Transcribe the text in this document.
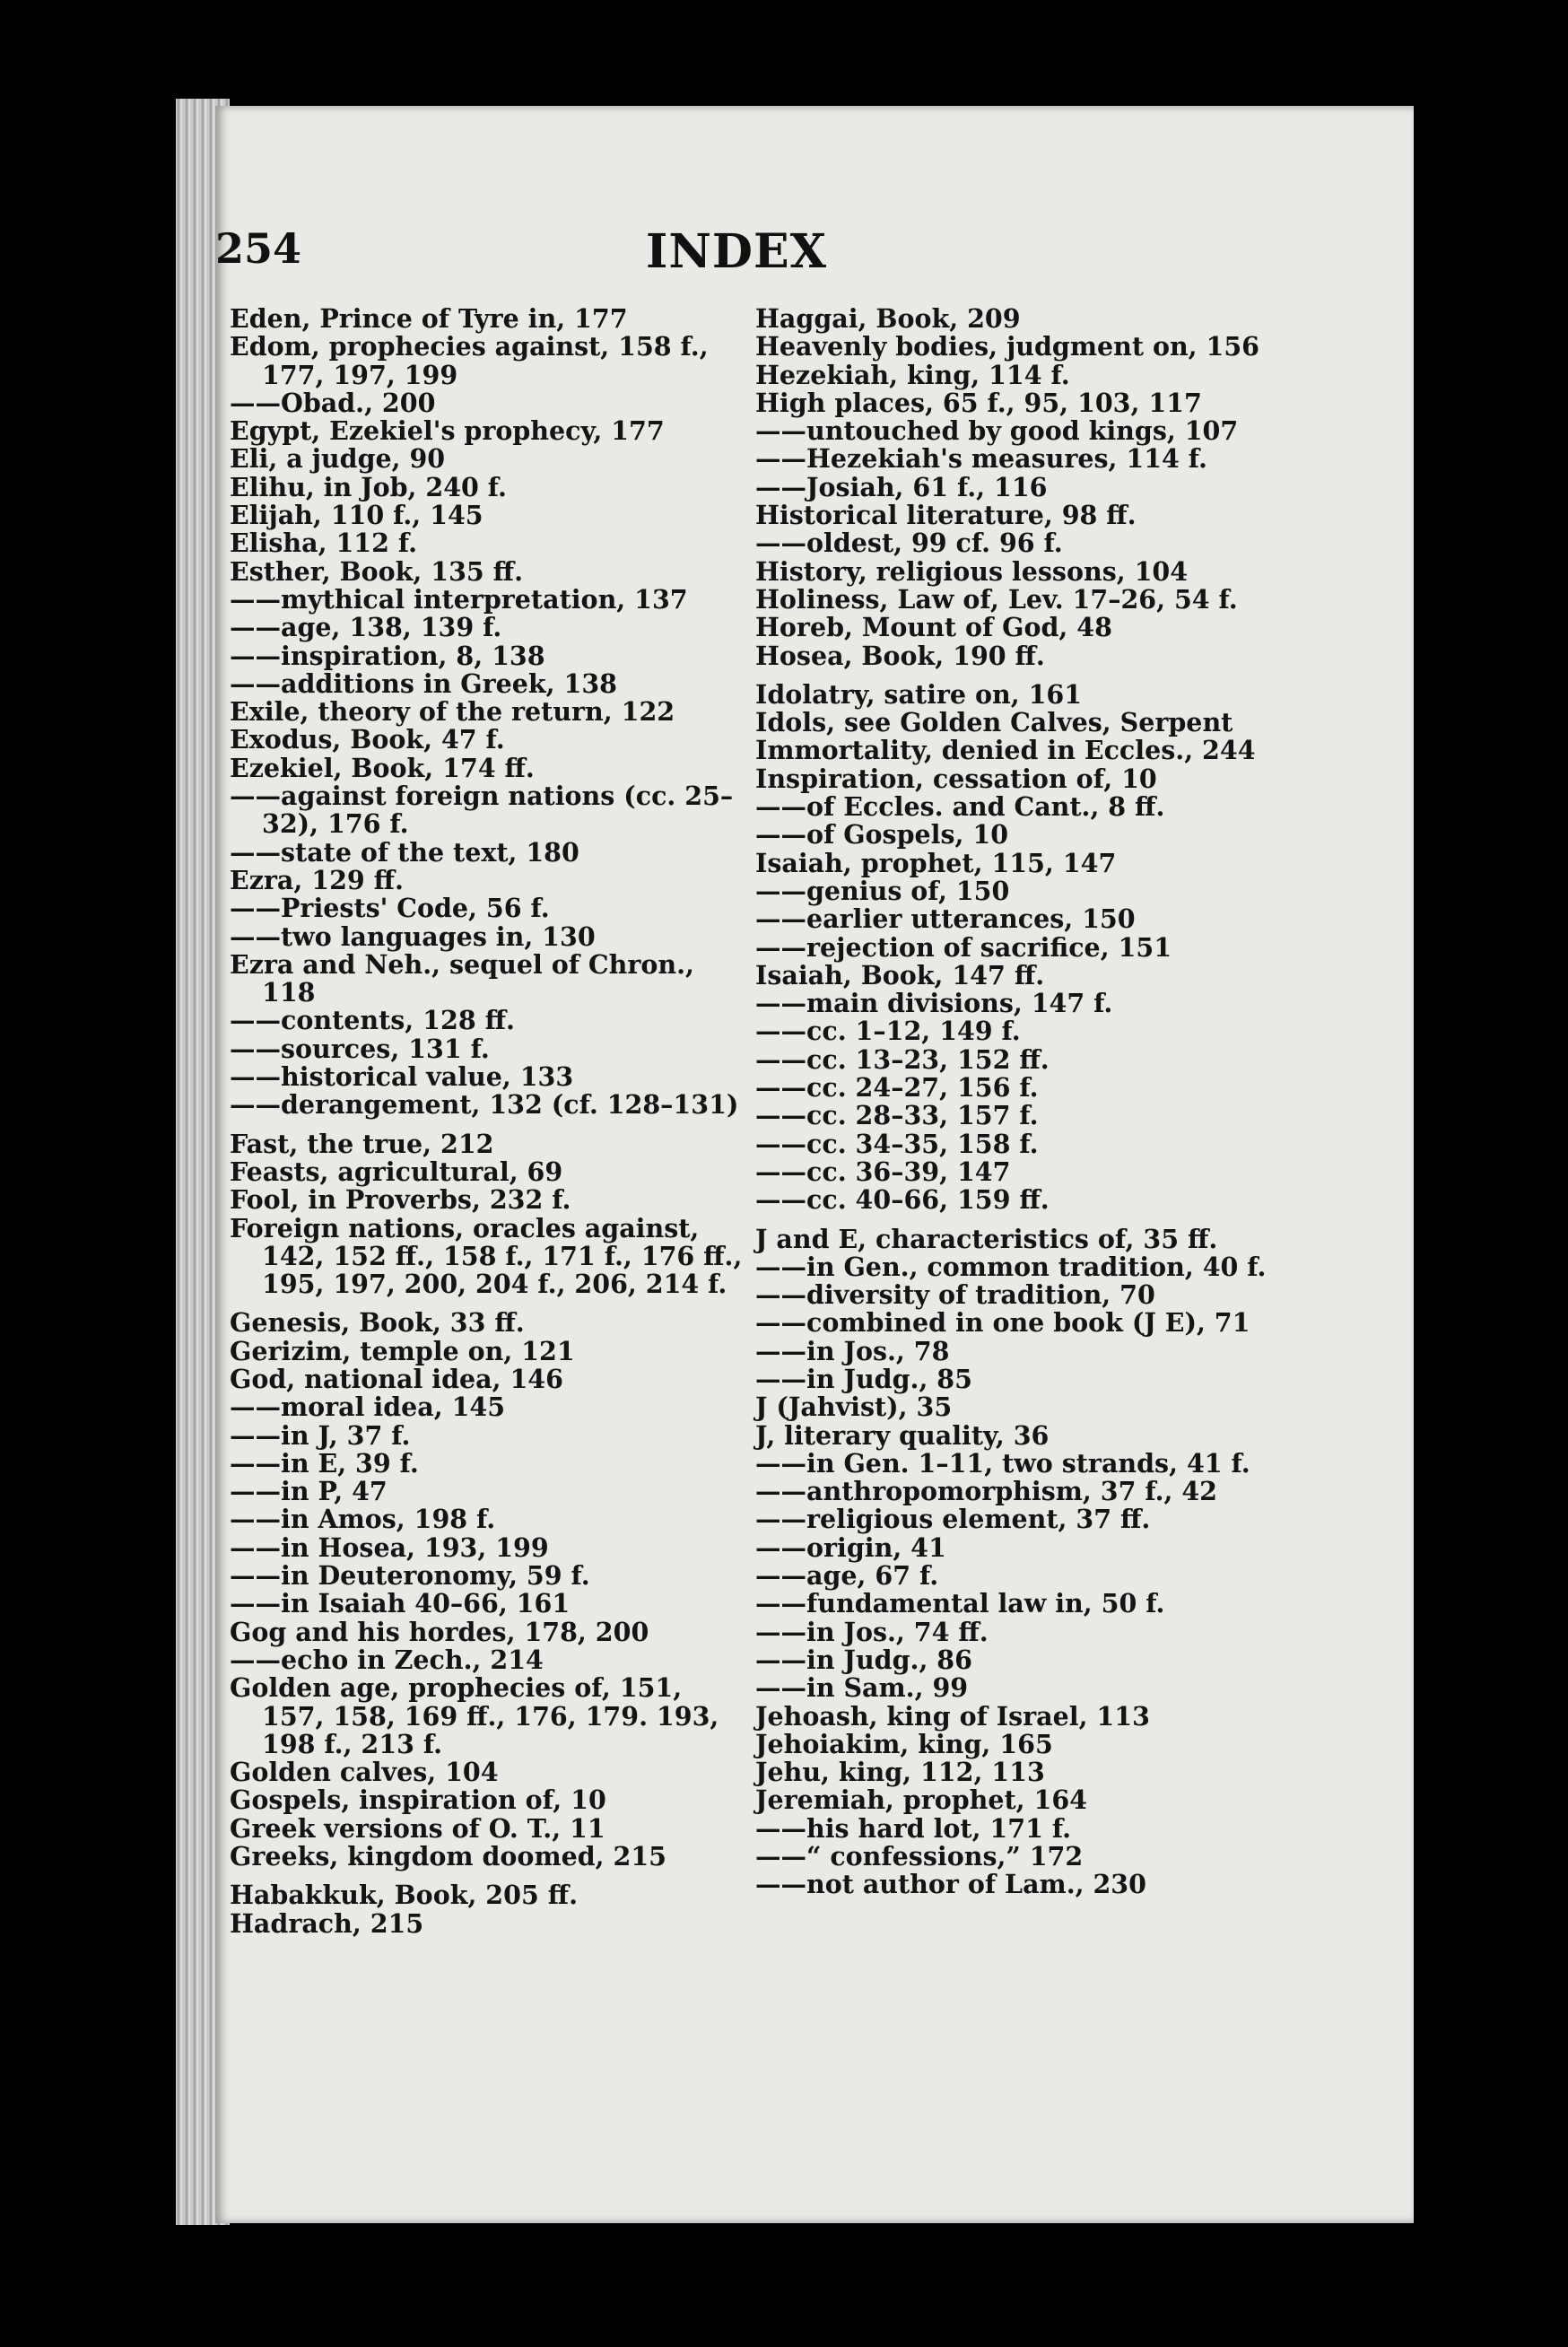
254	INDEX
Eden, Prince of Tyre in, 177
Edom, prophecies against, 158 f., 177, 197, 199
——Obad., 200
Egypt, Ezekiel's prophecy, 177
Eli, a judge, 90
Elihu, in Job, 240 f.
Elijah, 110 f., 145
Elisha, 112 f.
Esther, Book, 135 ff.
——mythical interpretation, 137
——age, 138, 139 f.
——inspiration, 8, 138
——additions in Greek, 138
Exile, theory of the return, 122
Exodus, Book, 47 f.
Ezekiel, Book, 174 ff.
——against foreign nations (cc. 25–32), 176 f.
——state of the text, 180
Ezra, 129 ff.
——Priests' Code, 56 f.
——two languages in, 130
Ezra and Neh., sequel of Chron., 118
——contents, 128 ff.
——sources, 131 f.
——historical value, 133
——derangement, 132 (cf. 128–131)
Fast, the true, 212
Feasts, agricultural, 69
Fool, in Proverbs, 232 f.
Foreign nations, oracles against, 142, 152 ff., 158 f., 171 f., 176 ff., 195, 197, 200, 204 f., 206, 214 f.
Genesis, Book, 33 ff.
Gerizim, temple on, 121
God, national idea, 146
——moral idea, 145
——in J, 37 f.
——in E, 39 f.
——in P, 47
——in Amos, 198 f.
——in Hosea, 193, 199
——in Deuteronomy, 59 f.
——in Isaiah 40–66, 161
Gog and his hordes, 178, 200
——echo in Zech., 214
Golden age, prophecies of, 151, 157, 158, 169 ff., 176, 179. 193, 198 f., 213 f.
Golden calves, 104
Gospels, inspiration of, 10
Greek versions of O. T., 11
Greeks, kingdom doomed, 215
Habakkuk, Book, 205 ff.
Hadrach, 215
Haggai, Book, 209
Heavenly bodies, judgment on, 156
Hezekiah, king, 114 f.
High places, 65 f., 95, 103, 117
——untouched by good kings, 107
——Hezekiah's measures, 114 f.
——Josiah, 61 f., 116
Historical literature, 98 ff.
——oldest, 99 cf. 96 f.
History, religious lessons, 104
Holiness, Law of, Lev. 17–26, 54 f.
Horeb, Mount of God, 48
Hosea, Book, 190 ff.
Idolatry, satire on, 161
Idols, see Golden Calves, Serpent
Immortality, denied in Eccles., 244
Inspiration, cessation of, 10
——of Eccles. and Cant., 8 ff.
——of Gospels, 10
Isaiah, prophet, 115, 147
——genius of, 150
——earlier utterances, 150
——rejection of sacrifice, 151
Isaiah, Book, 147 ff.
——main divisions, 147 f.
——cc. 1–12, 149 f.
——cc. 13–23, 152 ff.
——cc. 24–27, 156 f.
——cc. 28–33, 157 f.
——cc. 34–35, 158 f.
——cc. 36–39, 147
——cc. 40–66, 159 ff.
J and E, characteristics of, 35 ff.
——in Gen., common tradition, 40 f.
——diversity of tradition, 70
——combined in one book (J E), 71
——in Jos., 78
——in Judg., 85
J (Jahvist), 35
J, literary quality, 36
——in Gen. 1–11, two strands, 41 f.
——anthropomorphism, 37 f., 42
——religious element, 37 ff.
——origin, 41
——age, 67 f.
——fundamental law in, 50 f.
——in Jos., 74 ff.
——in Judg., 86
——in Sam., 99
Jehoash, king of Israel, 113
Jehoiakim, king, 165
Jehu, king, 112, 113
Jeremiah, prophet, 164
——his hard lot, 171 f.
——“ confessions,” 172
——not author of Lam., 230
